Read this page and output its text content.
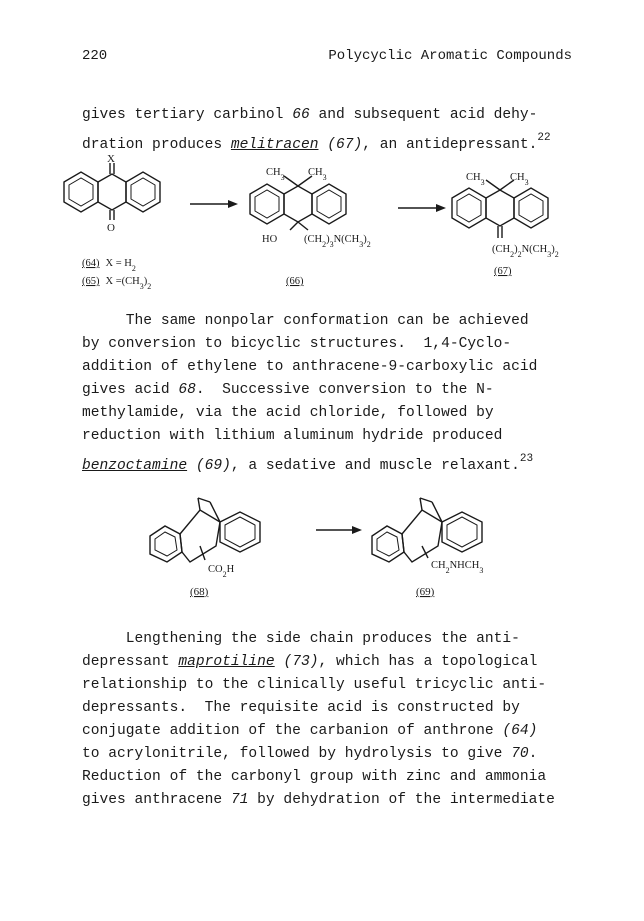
220	Polycyclic Aromatic Compounds

gives tertiary carbinol 66 and subsequent acid dehy-
dration produces melitracen (67), an antidepressant.$^{22}$

X
O
(64) $X = H_2$
(65) $X =(CH_3)_2$
$CH_3$ $CH_3$
HO	$(CH_2)_3N(CH_3)_2$
(66)
$CH_3$ $CH_3$
$(CH_2)_2N(CH_3)_2$
(67)

The same nonpolar conformation can be achieved
by conversion to bicyclic structures.  1,4-Cyclo-
addition of ethylene to anthracene-9-carboxylic acid
gives acid 68.  Successive conversion to the N-
methylamide, via the acid chloride, followed by
reduction with lithium aluminum hydride produced
benzoctamine (69), a sedative and muscle relaxant.$^{23}$

$CO_2H$
(68)
$CH_2NHCH_3$
(69)

Lengthening the side chain produces the anti-
depressant maprotiline (73), which has a topological
relationship to the clinically useful tricyclic anti-
depressants.  The requisite acid is constructed by
conjugate addition of the carbanion of anthrone (64)
to acrylonitrile, followed by hydrolysis to give 70.
Reduction of the carbonyl group with zinc and ammonia
gives anthracene 71 by dehydration of the intermediate
